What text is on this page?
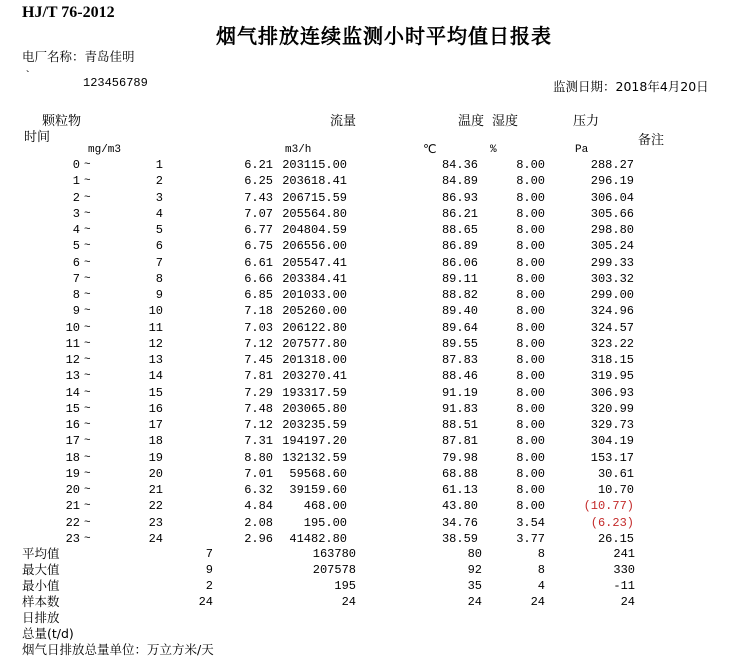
HJ/T 76-2012
烟气排放连续监测小时平均值日报表
电厂名称：青岛佳明
`	123456789	监测日期：2018年4月20日
颗粒物	流量	温度 湿度	压力
时间	备注
mg/m3	m3/h	℃	%	Pa
0 ~	1	6.21 203115.00	84.36	8.00	288.27
1 ~	2	6.25 203618.41	84.89	8.00	296.19
2 ~	3	7.43 206715.59	86.93	8.00	306.04
3 ~	4	7.07 205564.80	86.21	8.00	305.66
4 ~	5	6.77 204804.59	88.65	8.00	298.80
5 ~	6	6.75 206556.00	86.89	8.00	305.24
6 ~	7	6.61 205547.41	86.06	8.00	299.33
7 ~	8	6.66 203384.41	89.11	8.00	303.32
8 ~	9	6.85 201033.00	88.82	8.00	299.00
9 ~	10	7.18 205260.00	89.40	8.00	324.96
10 ~	11	7.03 206122.80	89.64	8.00	324.57
11 ~	12	7.12 207577.80	89.55	8.00	323.22
12 ~	13	7.45 201318.00	87.83	8.00	318.15
13 ~	14	7.81 203270.41	88.46	8.00	319.95
14 ~	15	7.29 193317.59	91.19	8.00	306.93
15 ~	16	7.48 203065.80	91.83	8.00	320.99
16 ~	17	7.12 203235.59	88.51	8.00	329.73
17 ~	18	7.31 194197.20	87.81	8.00	304.19
18 ~	19	8.80 132132.59	79.98	8.00	153.17
19 ~	20	7.01 59568.60	68.88	8.00	30.61
20 ~	21	6.32 39159.60	61.13	8.00	10.70
21 ~	22	4.84	468.00	43.80	8.00	(10.77)
22 ~	23	2.08	195.00	34.76	3.54	(6.23)
23 ~	24	2.96 41482.80	38.59	3.77	26.15
平均值	7	163780	80	8	241
最大值	9	207578	92	8	330
最小值	2	195	35	4	-11
样本数	24	24	24	24	24
日排放
总量(t/d)
烟气日排放总量单位：万立方米/天
